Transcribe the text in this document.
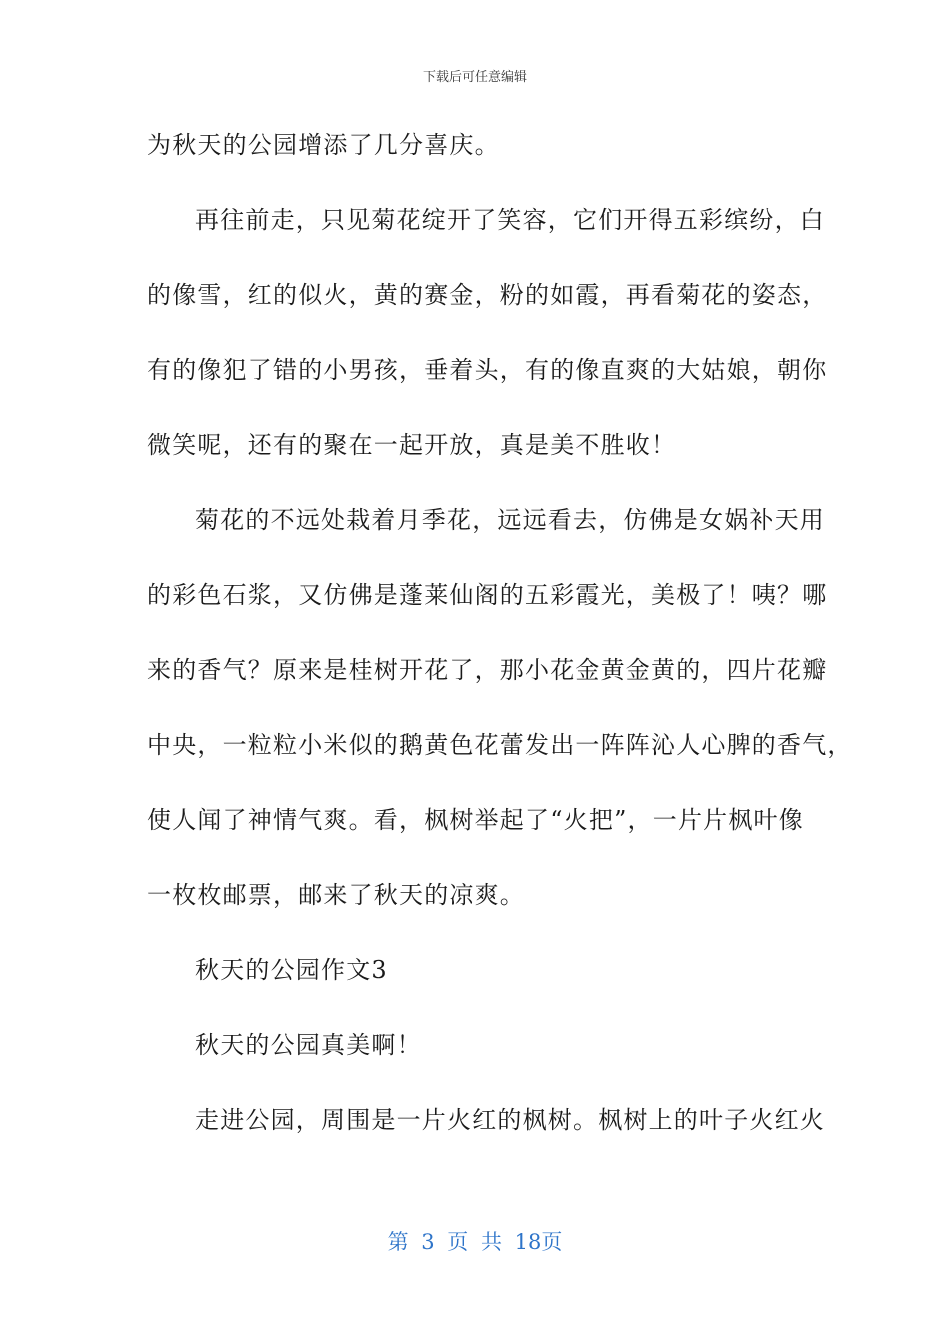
下载后可任意编辑
为秋天的公园增添了几分喜庆。
再往前走，只见菊花绽开了笑容，它们开得五彩缤纷，白
的像雪，红的似火，黄的赛金，粉的如霞，再看菊花的姿态，
有的像犯了错的小男孩，垂着头，有的像直爽的大姑娘，朝你
微笑呢，还有的聚在一起开放，真是美不胜收！
菊花的不远处栽着月季花，远远看去，仿佛是女娲补天用
的彩色石浆，又仿佛是蓬莱仙阁的五彩霞光，美极了！咦？哪
来的香气？原来是桂树开花了，那小花金黄金黄的，四片花瓣
中央，一粒粒小米似的鹅黄色花蕾发出一阵阵沁人心脾的香气，
使人闻了神情气爽。看，枫树举起了“火把”，一片片枫叶像
一枚枚邮票，邮来了秋天的凉爽。
秋天的公园作文3
秋天的公园真美啊！
走进公园，周围是一片火红的枫树。枫树上的叶子火红火
第 3 页 共 18页
